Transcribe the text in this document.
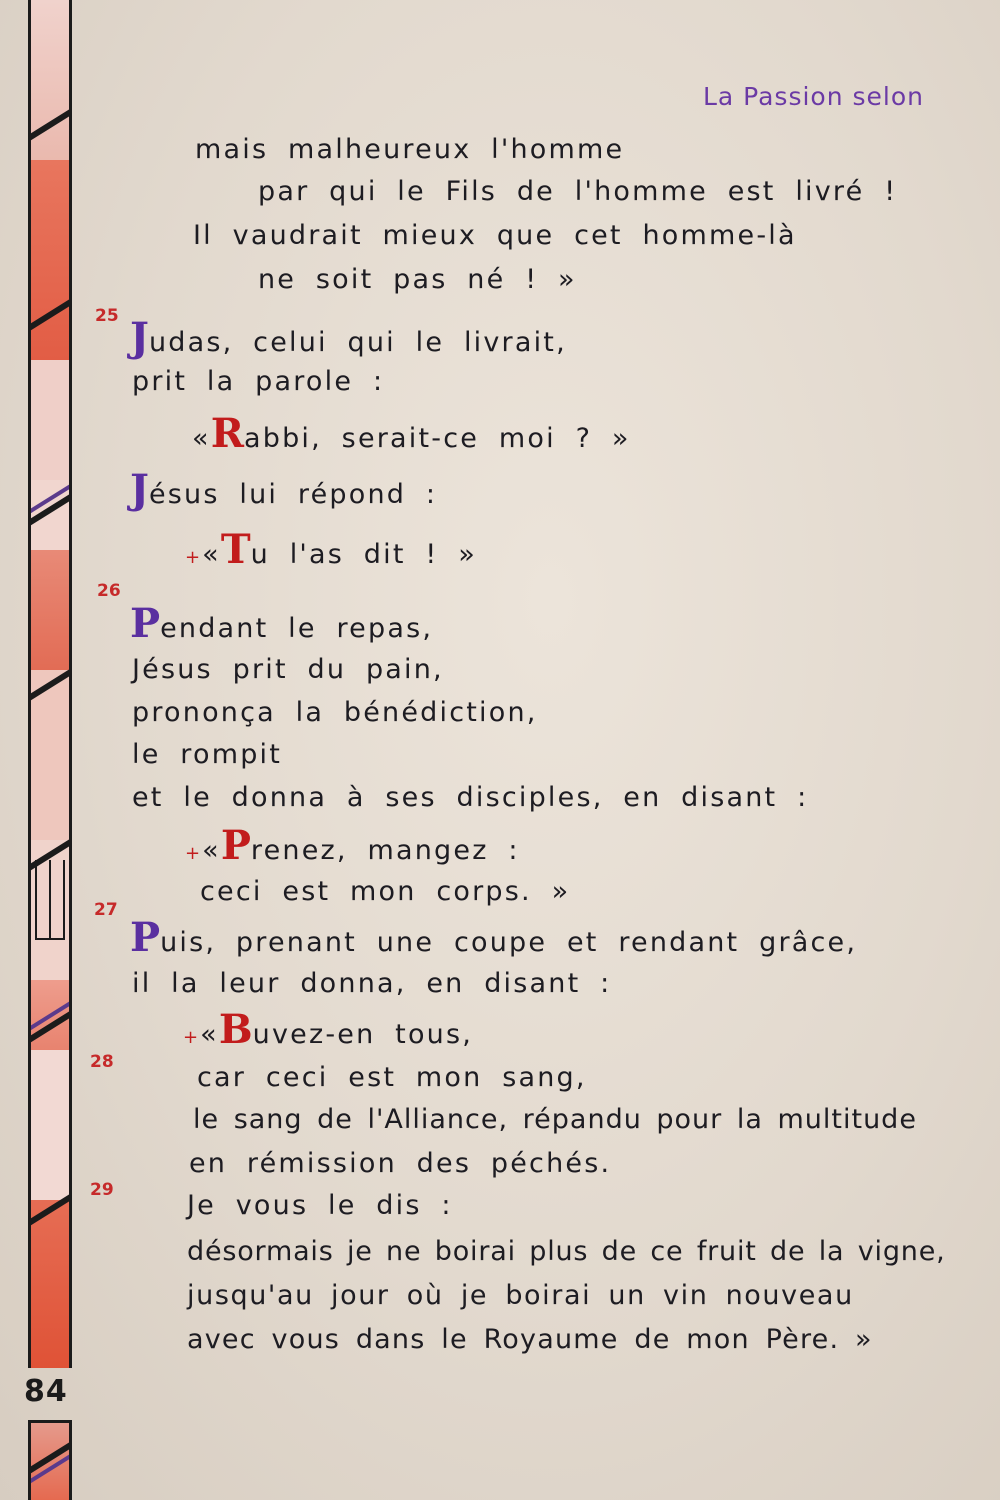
84
La Passion selon
mais malheureux l'homme
par qui le Fils de l'homme est livré !
Il vaudrait mieux que cet homme-là
ne soit pas né ! »
25 Judas, celui qui le livrait,
prit la parole :
«Rabbi, serait-ce moi ? »
Jésus lui répond :
+«Tu l'as dit ! »
26
Pendant le repas,
Jésus prit du pain,
prononça la bénédiction,
le rompit
et le donna à ses disciples, en disant :
+«Prenez, mangez :
ceci est mon corps. »
27
Puis, prenant une coupe et rendant grâce,
il la leur donna, en disant :
+«Buvez-en tous,
28	car ceci est mon sang,
le sang de l'Alliance, répandu pour la multitude
en rémission des péchés.
29	Je vous le dis :
désormais je ne boirai plus de ce fruit de la vigne,
jusqu'au jour où je boirai un vin nouveau
avec vous dans le Royaume de mon Père. »
